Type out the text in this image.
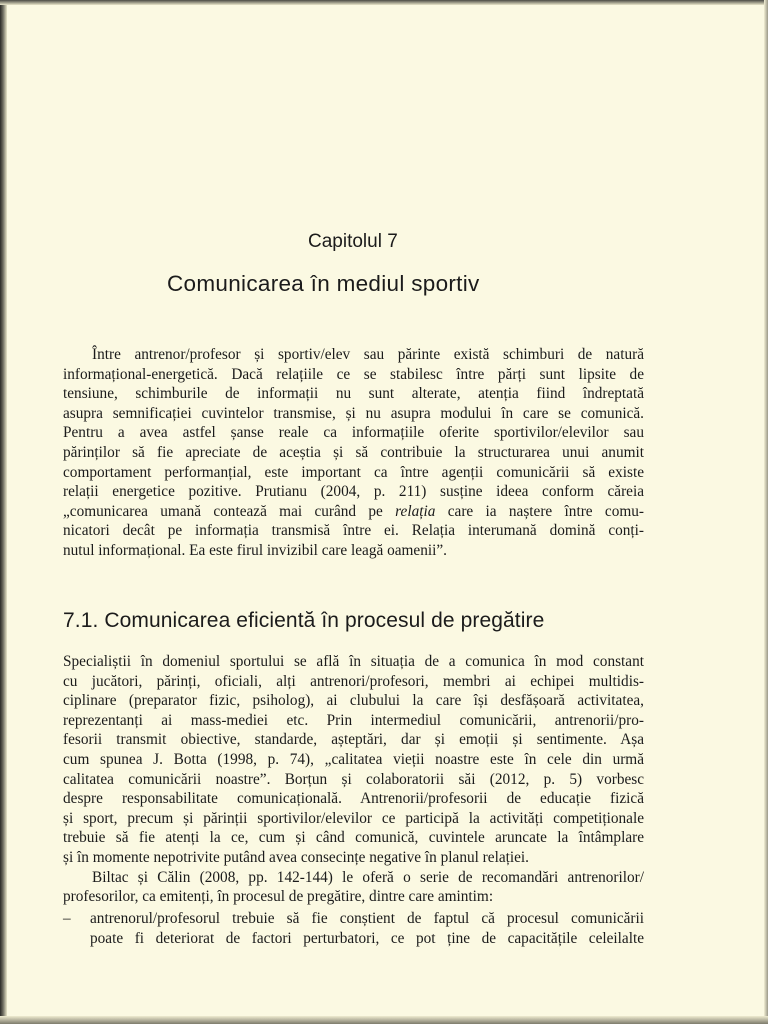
Capitolul 7
Comunicarea în mediul sportiv
Între antrenor/profesor și sportiv/elev sau părinte există schimburi de natură
informațional-energetică. Dacă relațiile ce se stabilesc între părți sunt lipsite de
tensiune, schimburile de informații nu sunt alterate, atenția fiind îndreptată
asupra semnificației cuvintelor transmise, și nu asupra modului în care se comunică.
Pentru a avea astfel șanse reale ca informațiile oferite sportivilor/elevilor sau
părinților să fie apreciate de aceștia și să contribuie la structurarea unui anumit
comportament performanțial, este important ca între agenții comunicării să existe
relații energetice pozitive. Prutianu (2004, p. 211) susține ideea conform căreia
„comunicarea umană contează mai curând pe relația care ia naștere între comu-
nicatori decât pe informația transmisă între ei. Relația interumană domină conți-
nutul informațional. Ea este firul invizibil care leagă oamenii”.
7.1. Comunicarea eficientă în procesul de pregătire
Specialiștii în domeniul sportului se află în situația de a comunica în mod constant
cu jucători, părinți, oficiali, alți antrenori/profesori, membri ai echipei multidis-
ciplinare (preparator fizic, psiholog), ai clubului la care își desfășoară activitatea,
reprezentanți ai mass-mediei etc. Prin intermediul comunicării, antrenorii/pro-
fesorii transmit obiective, standarde, așteptări, dar și emoții și sentimente. Așa
cum spunea J. Botta (1998, p. 74), „calitatea vieții noastre este în cele din urmă
calitatea comunicării noastre”. Borțun și colaboratorii săi (2012, p. 5) vorbesc
despre responsabilitate comunicațională. Antrenorii/profesorii de educație fizică
și sport, precum și părinții sportivilor/elevilor ce participă la activități competiționale
trebuie să fie atenți la ce, cum și când comunică, cuvintele aruncate la întâmplare
și în momente nepotrivite putând avea consecințe negative în planul relației.
Biltac și Călin (2008, pp. 142-144) le oferă o serie de recomandări antrenorilor/
profesorilor, ca emitenți, în procesul de pregătire, dintre care amintim:
– antrenorul/profesorul trebuie să fie conștient de faptul că procesul comunicării
poate fi deteriorat de factori perturbatori, ce pot ține de capacitățile celeilalte
